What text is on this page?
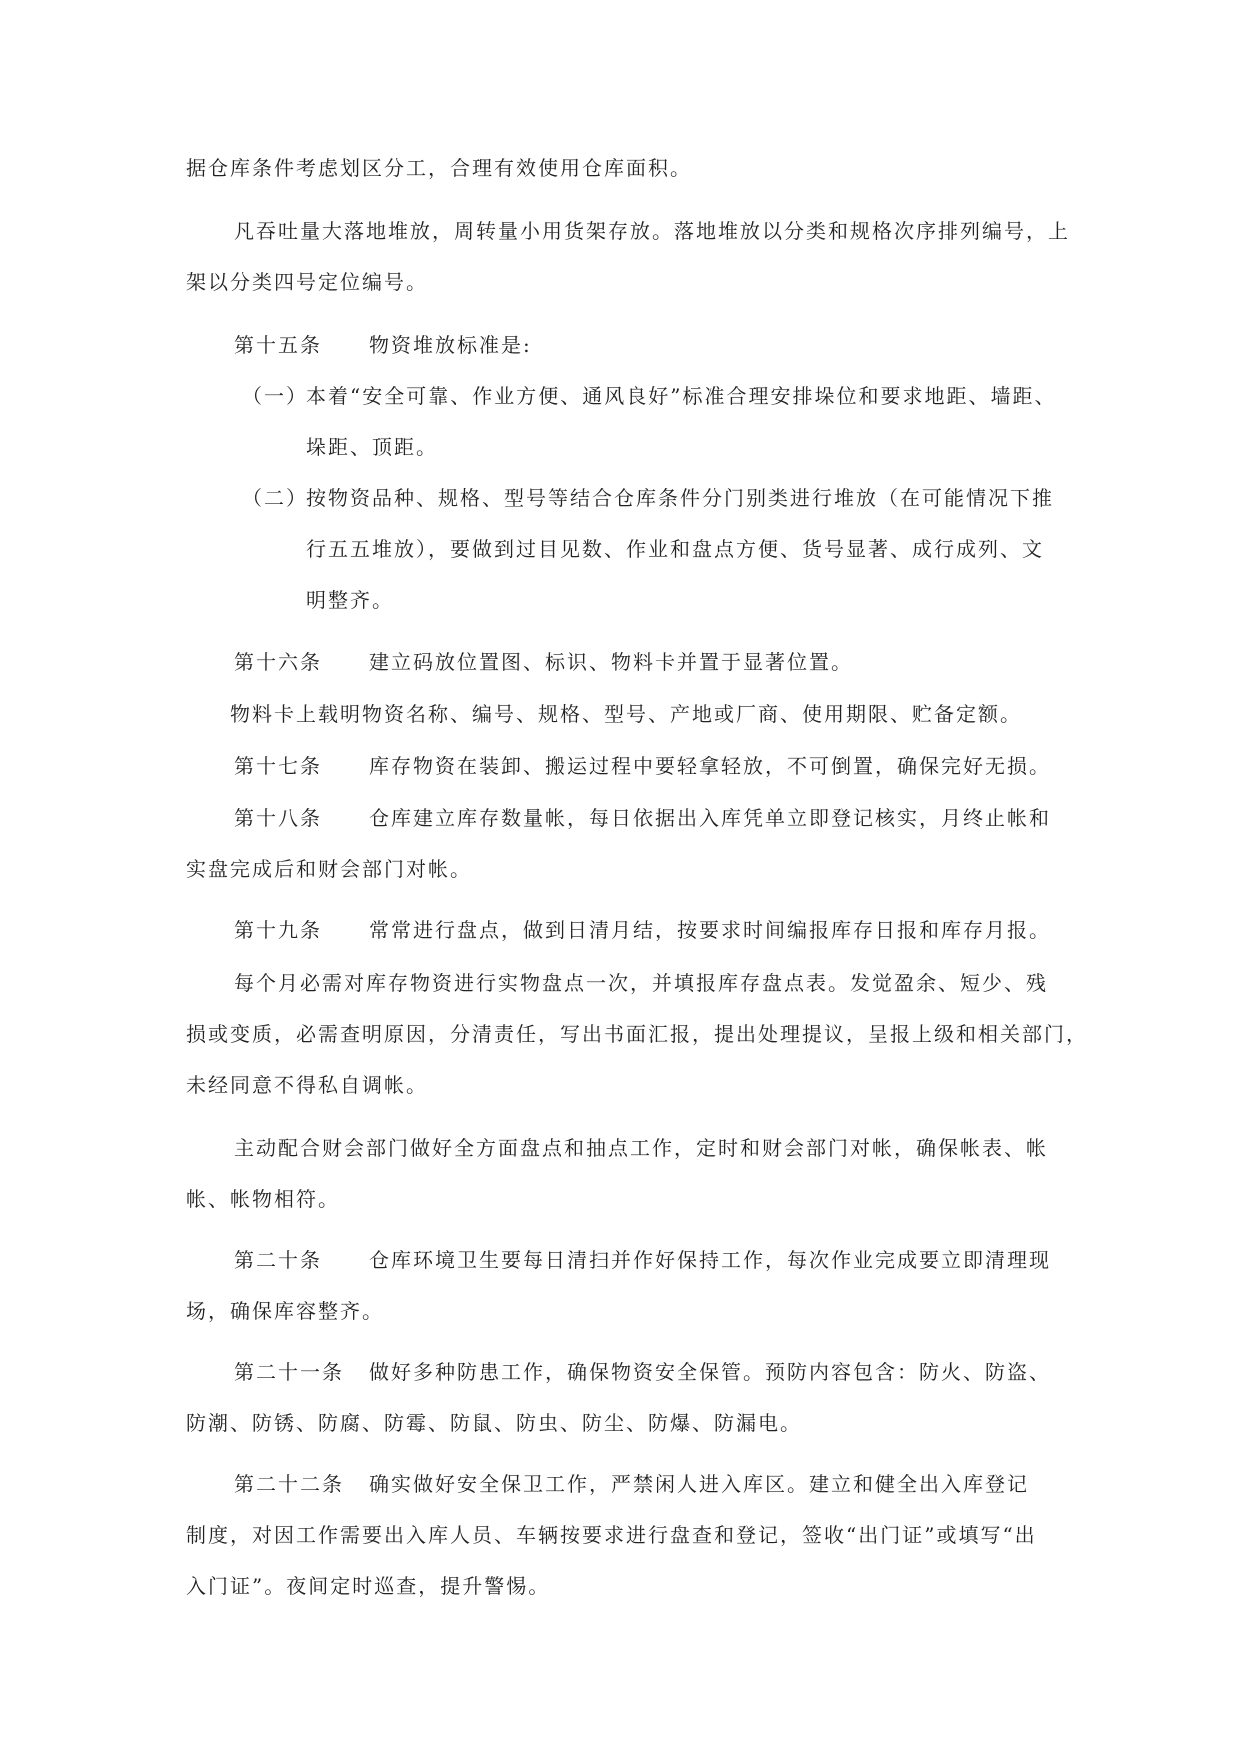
据仓库条件考虑划区分工，合理有效使用仓库面积。
凡吞吐量大落地堆放，周转量小用货架存放。落地堆放以分类和规格次序排列编号，上
架以分类四号定位编号。
第十五条 物资堆放标准是:
（一）本着“安全可靠、作业方便、通风良好”标准合理安排垛位和要求地距、墙距、
垛距、顶距。
（二）按物资品种、规格、型号等结合仓库条件分门别类进行堆放（在可能情况下推
行五五堆放），要做到过目见数、作业和盘点方便、货号显著、成行成列、文
明整齐。
第十六条 建立码放位置图、标识、物料卡并置于显著位置。
物料卡上载明物资名称、编号、规格、型号、产地或厂商、使用期限、贮备定额。
第十七条 库存物资在装卸、搬运过程中要轻拿轻放，不可倒置，确保完好无损。
第十八条 仓库建立库存数量帐，每日依据出入库凭单立即登记核实，月终止帐和
实盘完成后和财会部门对帐。
第十九条 常常进行盘点，做到日清月结，按要求时间编报库存日报和库存月报。
每个月必需对库存物资进行实物盘点一次，并填报库存盘点表。发觉盈余、短少、残
损或变质，必需查明原因，分清责任，写出书面汇报，提出处理提议，呈报上级和相关部门，
未经同意不得私自调帐。
主动配合财会部门做好全方面盘点和抽点工作，定时和财会部门对帐，确保帐表、帐
帐、帐物相符。
第二十条 仓库环境卫生要每日清扫并作好保持工作，每次作业完成要立即清理现
场，确保库容整齐。
第二十一条 做好多种防患工作，确保物资安全保管。预防内容包含：防火、防盗、
防潮、防锈、防腐、防霉、防鼠、防虫、防尘、防爆、防漏电。
第二十二条 确实做好安全保卫工作，严禁闲人进入库区。建立和健全出入库登记
制度，对因工作需要出入库人员、车辆按要求进行盘查和登记，签收“出门证”或填写“出
入门证”。夜间定时巡查，提升警惕。
